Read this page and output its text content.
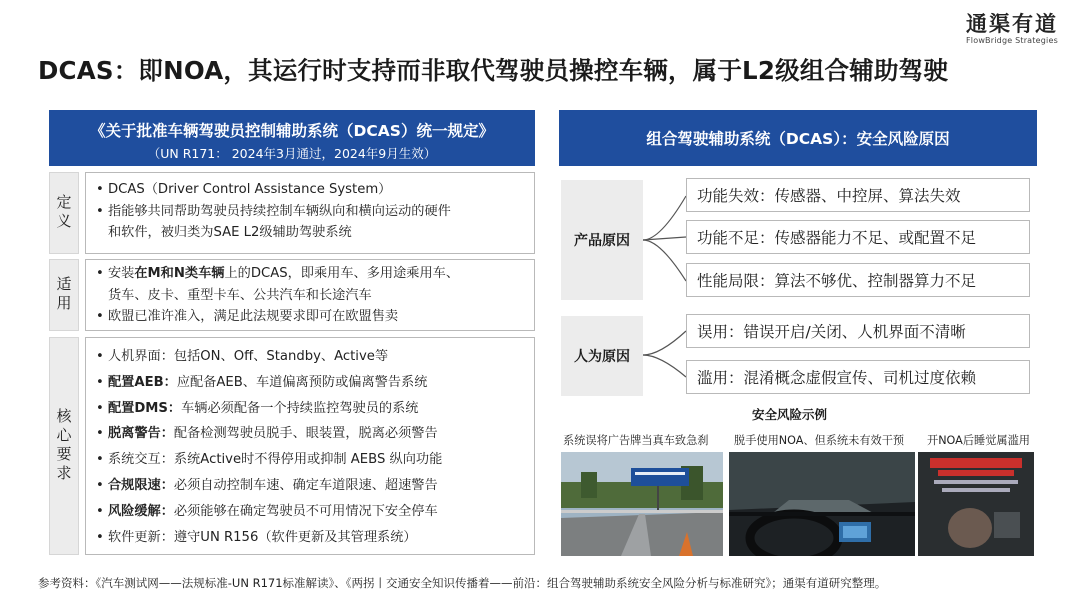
通渠有道
FlowBridge Strategies
DCAS：即NOA，其运行时支持而非取代驾驶员操控车辆，属于L2级组合辅助驾驶
《关于批准车辆驾驶员控制辅助系统（DCAS）统一规定》
（UN R171： 2024年3月通过，2024年9月生效）
定义
• DCAS（Driver Control Assistance System）
• 指能够共同帮助驾驶员持续控制车辆纵向和横向运动的硬件
和软件，被归类为SAE L2级辅助驾驶系统
适用
• 安装在M和N类车辆上的DCAS，即乘用车、多用途乘用车、
货车、皮卡、重型卡车、公共汽车和长途汽车
• 欧盟已准许准入，满足此法规要求即可在欧盟售卖
核心要求
• 人机界面：包括ON、Off、Standby、Active等
• 配置AEB：应配备AEB、车道偏离预防或偏离警告系统
• 配置DMS：车辆必须配备一个持续监控驾驶员的系统
• 脱离警告：配备检测驾驶员脱手、眼装置，脱离必须警告
• 系统交互：系统Active时不得停用或抑制 AEBS 纵向功能
• 合规限速：必须自动控制车速、确定车道限速、超速警告
• 风险缓解：必须能够在确定驾驶员不可用情况下安全停车
• 软件更新：遵守UN R156（软件更新及其管理系统）
组合驾驶辅助系统（DCAS）：安全风险原因
产品原因
功能失效：传感器、中控屏、算法失效
功能不足：传感器能力不足、或配置不足
性能局限：算法不够优、控制器算力不足
人为原因
误用：错误开启/关闭、人机界面不清晰
滥用：混淆概念虚假宣传、司机过度依赖
安全风险示例
系统误将广告牌当真车致急刹 脱手使用NOA、但系统未有效干预 开NOA后睡觉属滥用
参考资料：《汽车测试网——法规标准-UN R171标准解读》、《两拐丨交通安全知识传播着——前沿：组合驾驶辅助系统安全风险分析与标准研究》；通渠有道研究整理。
